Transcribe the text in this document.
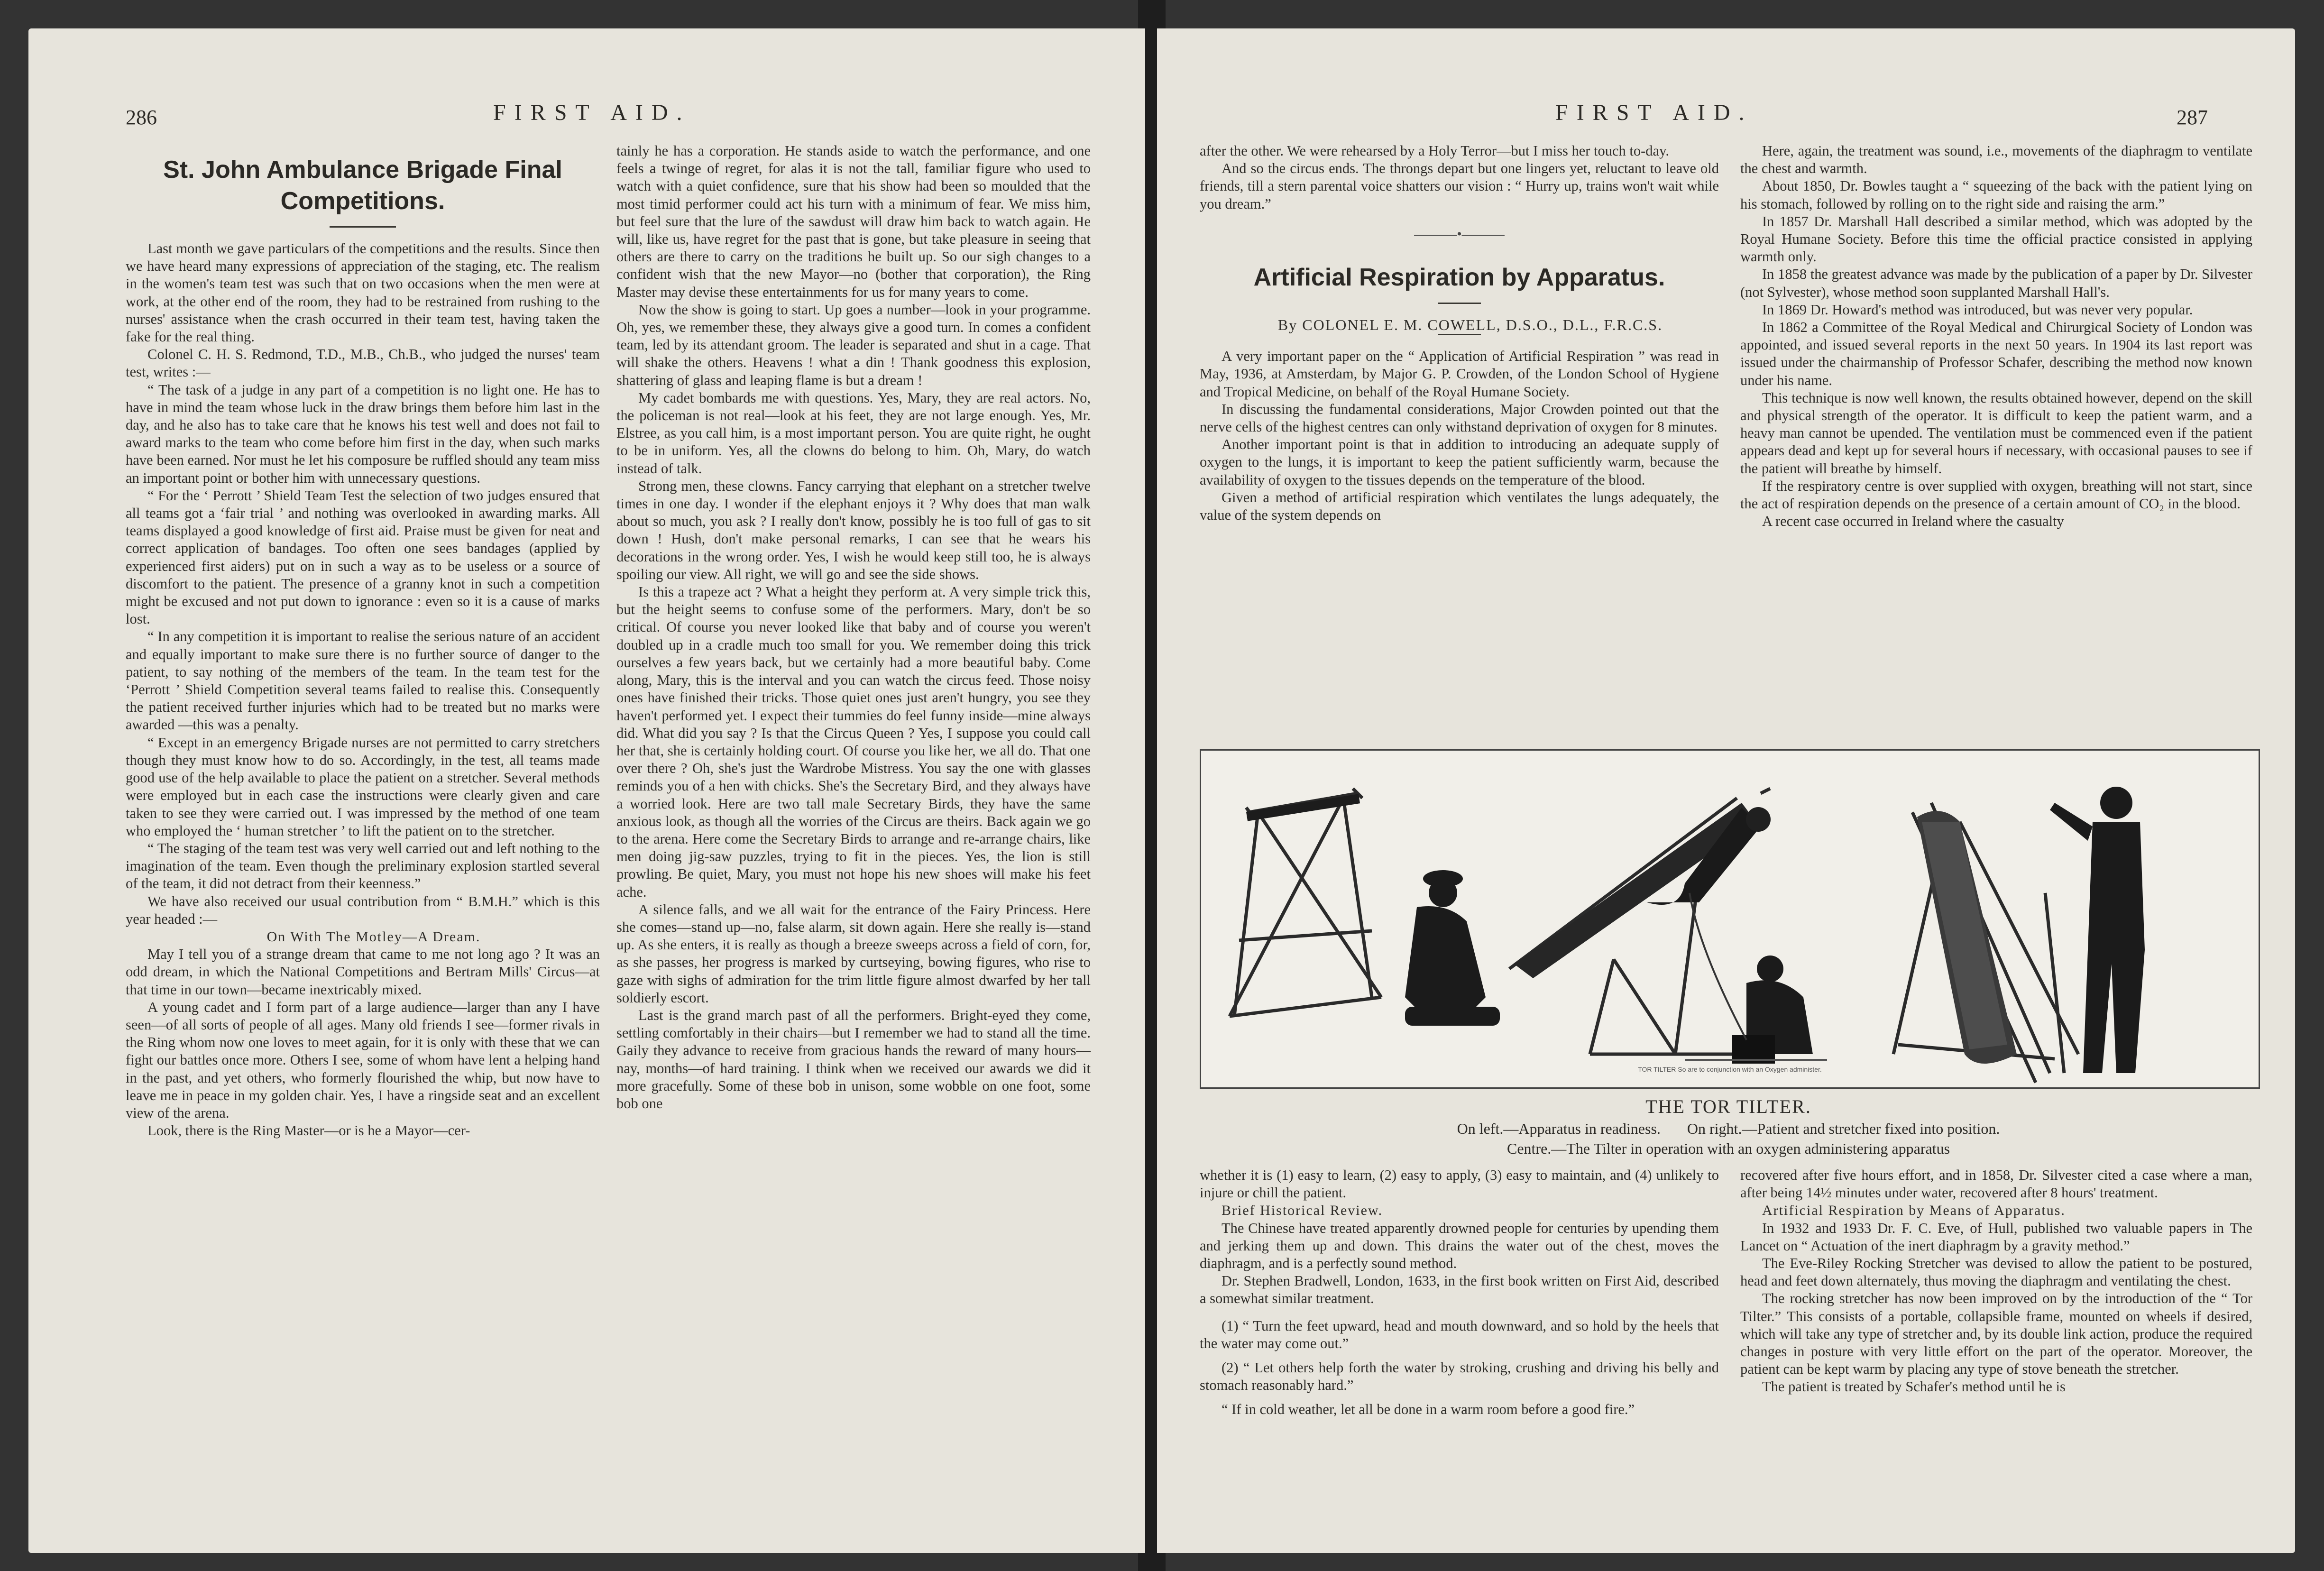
286	FIRST AID.
St. John Ambulance Brigade Final Competitions.

Last month we gave particulars of the competitions and the results. Since then we have heard many expressions of appreciation of the staging, etc. The realism in the women's team test was such that on two occasions when the men were at work, at the other end of the room, they had to be restrained from rushing to the nurses' assistance when the crash occurred in their team test, having taken the fake for the real thing.

Colonel C. H. S. Redmond, T.D., M.B., Ch.B., who judged the nurses' team test, writes :—

“ The task of a judge in any part of a competition is no light one. He has to have in mind the team whose luck in the draw brings them before him last in the day, and he also has to take care that he knows his test well and does not fail to award marks to the team who come before him first in the day, when such marks have been earned. Nor must he let his composure be ruffled should any team miss an important point or bother him with unnecessary questions.

“ For the ‘ Perrott ’ Shield Team Test the selection of two judges ensured that all teams got a ‘fair trial ’ and nothing was overlooked in awarding marks. All teams displayed a good knowledge of first aid. Praise must be given for neat and correct application of bandages. Too often one sees bandages (applied by experienced first aiders) put on in such a way as to be useless or a source of discomfort to the patient. The presence of a granny knot in such a competition might be excused and not put down to ignorance : even so it is a cause of marks lost.

“ In any competition it is important to realise the serious nature of an accident and equally important to make sure there is no further source of danger to the patient, to say nothing of the members of the team. In the team test for the ‘Perrott ’ Shield Competition several teams failed to realise this. Consequently the patient received further injuries which had to be treated but no marks were awarded —this was a penalty.

“ Except in an emergency Brigade nurses are not permitted to carry stretchers though they must know how to do so. Accordingly, in the test, all teams made good use of the help available to place the patient on a stretcher. Several methods were employed but in each case the instructions were clearly given and care taken to see they were carried out. I was impressed by the method of one team who employed the ‘ human stretcher ’ to lift the patient on to the stretcher.

“ The staging of the team test was very well carried out and left nothing to the imagination of the team. Even though the preliminary explosion startled several of the team, it did not detract from their keenness.”

We have also received our usual contribution from “ B.M.H.” which is this year headed :—

On With The Motley—A Dream.

May I tell you of a strange dream that came to me not long ago ? It was an odd dream, in which the National Competitions and Bertram Mills' Circus—at that time in our town—became inextricably mixed.

A young cadet and I form part of a large audience—larger than any I have seen—of all sorts of people of all ages. Many old friends I see—former rivals in the Ring whom now one loves to meet again, for it is only with these that we can fight our battles once more. Others I see, some of whom have lent a helping hand in the past, and yet others, who formerly flourished the whip, but now have to leave me in peace in my golden chair. Yes, I have a ringside seat and an excellent view of the arena.

Look, there is the Ring Master—or is he a Mayor—cer-

tainly he has a corporation. He stands aside to watch the performance, and one feels a twinge of regret, for alas it is not the tall, familiar figure who used to watch with a quiet confidence, sure that his show had been so moulded that the most timid performer could act his turn with a minimum of fear. We miss him, but feel sure that the lure of the sawdust will draw him back to watch again. He will, like us, have regret for the past that is gone, but take pleasure in seeing that others are there to carry on the traditions he built up. So our sigh changes to a confident wish that the new Mayor—no (bother that corporation), the Ring Master may devise these entertainments for us for many years to come.

Now the show is going to start. Up goes a number—look in your programme. Oh, yes, we remember these, they always give a good turn. In comes a confident team, led by its attendant groom. The leader is separated and shut in a cage. That will shake the others. Heavens ! what a din ! Thank goodness this explosion, shattering of glass and leaping flame is but a dream !

My cadet bombards me with questions. Yes, Mary, they are real actors. No, the policeman is not real—look at his feet, they are not large enough. Yes, Mr. Elstree, as you call him, is a most important person. You are quite right, he ought to be in uniform. Yes, all the clowns do belong to him. Oh, Mary, do watch instead of talk.

Strong men, these clowns. Fancy carrying that elephant on a stretcher twelve times in one day. I wonder if the elephant enjoys it ? Why does that man walk about so much, you ask ? I really don't know, possibly he is too full of gas to sit down ! Hush, don't make personal remarks, I can see that he wears his decorations in the wrong order. Yes, I wish he would keep still too, he is always spoiling our view. All right, we will go and see the side shows.

Is this a trapeze act ? What a height they perform at. A very simple trick this, but the height seems to confuse some of the performers. Mary, don't be so critical. Of course you never looked like that baby and of course you weren't doubled up in a cradle much too small for you. We remember doing this trick ourselves a few years back, but we certainly had a more beautiful baby. Come along, Mary, this is the interval and you can watch the circus feed. Those noisy ones have finished their tricks. Those quiet ones just aren't hungry, you see they haven't performed yet. I expect their tummies do feel funny inside—mine always did. What did you say ? Is that the Circus Queen ? Yes, I suppose you could call her that, she is certainly holding court. Of course you like her, we all do. That one over there ? Oh, she's just the Wardrobe Mistress. You say the one with glasses reminds you of a hen with chicks. She's the Secretary Bird, and they always have a worried look. Here are two tall male Secretary Birds, they have the same anxious look, as though all the worries of the Circus are theirs. Back again we go to the arena. Here come the Secretary Birds to arrange and re-arrange chairs, like men doing jig-saw puzzles, trying to fit in the pieces. Yes, the lion is still prowling. Be quiet, Mary, you must not hope his new shoes will make his feet ache.

A silence falls, and we all wait for the entrance of the Fairy Princess. Here she comes—stand up—no, false alarm, sit down again. Here she really is—stand up. As she enters, it is really as though a breeze sweeps across a field of corn, for, as she passes, her progress is marked by curtseying, bowing figures, who rise to gaze with sighs of admiration for the trim little figure almost dwarfed by her tall soldierly escort.

Last is the grand march past of all the performers. Bright-eyed they come, settling comfortably in their chairs—but I remember we had to stand all the time. Gaily they advance to receive from gracious hands the reward of many hours—nay, months—of hard training. I think when we received our awards we did it more gracefully. Some of these bob in unison, some wobble on one foot, some bob one

FIRST AID.	287

after the other. We were rehearsed by a Holy Terror—but I miss her touch to-day.

And so the circus ends. The throngs depart but one lingers yet, reluctant to leave old friends, till a stern parental voice shatters our vision : “ Hurry up, trains won't wait while you dream.”

———•———
Artificial Respiration by Apparatus.

By COLONEL E. M. COWELL, D.S.O., D.L., F.R.C.S.

A very important paper on the “ Application of Artificial Respiration ” was read in May, 1936, at Amsterdam, by Major G. P. Crowden, of the London School of Hygiene and Tropical Medicine, on behalf of the Royal Humane Society.

In discussing the fundamental considerations, Major Crowden pointed out that the nerve cells of the highest centres can only withstand deprivation of oxygen for 8 minutes.

Another important point is that in addition to introducing an adequate supply of oxygen to the lungs, it is important to keep the patient sufficiently warm, because the availability of oxygen to the tissues depends on the temperature of the blood.

Given a method of artificial respiration which ventilates the lungs adequately, the value of the system depends on

Here, again, the treatment was sound, i.e., movements of the diaphragm to ventilate the chest and warmth.

About 1850, Dr. Bowles taught a “ squeezing of the back with the patient lying on his stomach, followed by rolling on to the right side and raising the arm.”

In 1857 Dr. Marshall Hall described a similar method, which was adopted by the Royal Humane Society. Before this time the official practice consisted in applying warmth only.

In 1858 the greatest advance was made by the publication of a paper by Dr. Silvester (not Sylvester), whose method soon supplanted Marshall Hall's.

In 1869 Dr. Howard's method was introduced, but was never very popular.

In 1862 a Committee of the Royal Medical and Chirurgical Society of London was appointed, and issued several reports in the next 50 years. In 1904 its last report was issued under the chairmanship of Professor Schafer, describing the method now known under his name.

This technique is now well known, the results obtained however, depend on the skill and physical strength of the operator. It is difficult to keep the patient warm, and a heavy man cannot be upended. The ventilation must be commenced even if the patient appears dead and kept up for several hours if necessary, with occasional pauses to see if the patient will breathe by himself.

If the respiratory centre is over supplied with oxygen, breathing will not start, since the act of respiration depends on the presence of a certain amount of CO₂ in the blood.

A recent case occurred in Ireland where the casualty

TOR TILTER So are to conjunction with an Oxygen administer.
THE TOR TILTER.
On left.—Apparatus in readiness.       On right.—Patient and stretcher fixed into position.
Centre.—The Tilter in operation with an oxygen administering apparatus

whether it is (1) easy to learn, (2) easy to apply, (3) easy to maintain, and (4) unlikely to injure or chill the patient.

Brief Historical Review.

The Chinese have treated apparently drowned people for centuries by upending them and jerking them up and down. This drains the water out of the chest, moves the diaphragm, and is a perfectly sound method.

Dr. Stephen Bradwell, London, 1633, in the first book written on First Aid, described a somewhat similar treatment.

(1) “ Turn the feet upward, head and mouth downward, and so hold by the heels that the water may come out.”

(2) “ Let others help forth the water by stroking, crushing and driving his belly and stomach reasonably hard.”

“ If in cold weather, let all be done in a warm room before a good fire.”

recovered after five hours effort, and in 1858, Dr. Silvester cited a case where a man, after being 14½ minutes under water, recovered after 8 hours' treatment.

Artificial Respiration by Means of Apparatus.

In 1932 and 1933 Dr. F. C. Eve, of Hull, published two valuable papers in The Lancet on “ Actuation of the inert diaphragm by a gravity method.”

The Eve-Riley Rocking Stretcher was devised to allow the patient to be postured, head and feet down alternately, thus moving the diaphragm and ventilating the chest.

The rocking stretcher has now been improved on by the introduction of the “ Tor Tilter.” This consists of a portable, collapsible frame, mounted on wheels if desired, which will take any type of stretcher and, by its double link action, produce the required changes in posture with very little effort on the part of the operator. Moreover, the patient can be kept warm by placing any type of stove beneath the stretcher.

The patient is treated by Schafer's method until he is
